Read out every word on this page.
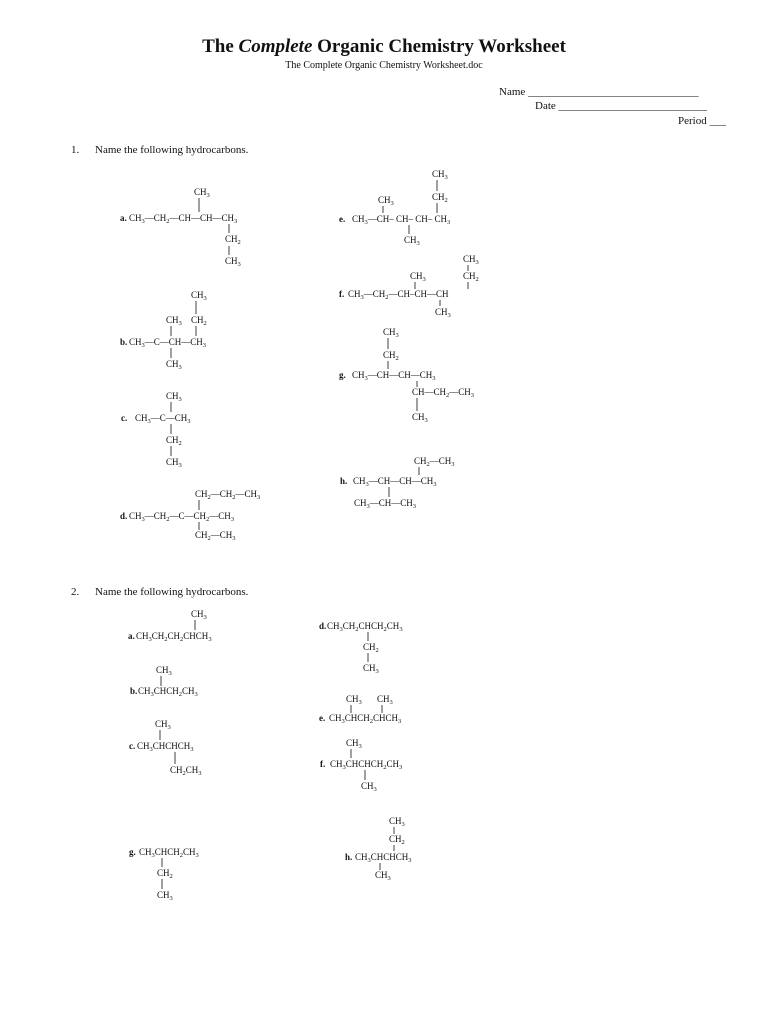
The Complete Organic Chemistry Worksheet
The Complete Organic Chemistry Worksheet.doc
Name _______________________________
Date ___________________________
Period ___
1. Name the following hydrocarbons.
2. Name the following hydrocarbons.
a. CH3—CH2—CH—CH—CH3
CH3
CH2
CH3
CH3
CH3 CH2
b. CH3—C—CH—CH3
CH3
CH3
c. CH3—C—CH3
CH2
CH3
CH2—CH2—CH3
d. CH3—CH2—C—CH2—CH3
CH2—CH3
CH3
CH2
CH3
e. CH3—CH– CH– CH– CH3
CH3
CH3
CH2
CH3
f. CH3—CH2—CH–CH—CH
CH3
CH3
CH2
g. CH3—CH—CH—CH3
CH—CH2—CH3
CH3
CH2—CH3
h. CH3—CH—CH—CH3
CH3—CH—CH3
CH3
a. CH3CH2CH2CHCH3
CH3
b. CH3CHCH2CH3
CH3
c. CH3CHCHCH3
CH2CH3
d. CH3CH2CHCH2CH3
CH2
CH3
CH3 CH3
e. CH3CHCH2CHCH3
CH3
f. CH3CHCHCH2CH3
CH3
g. CH3CHCH2CH3
CH2
CH3
CH3
CH2
h. CH3CHCHCH3
CH3
